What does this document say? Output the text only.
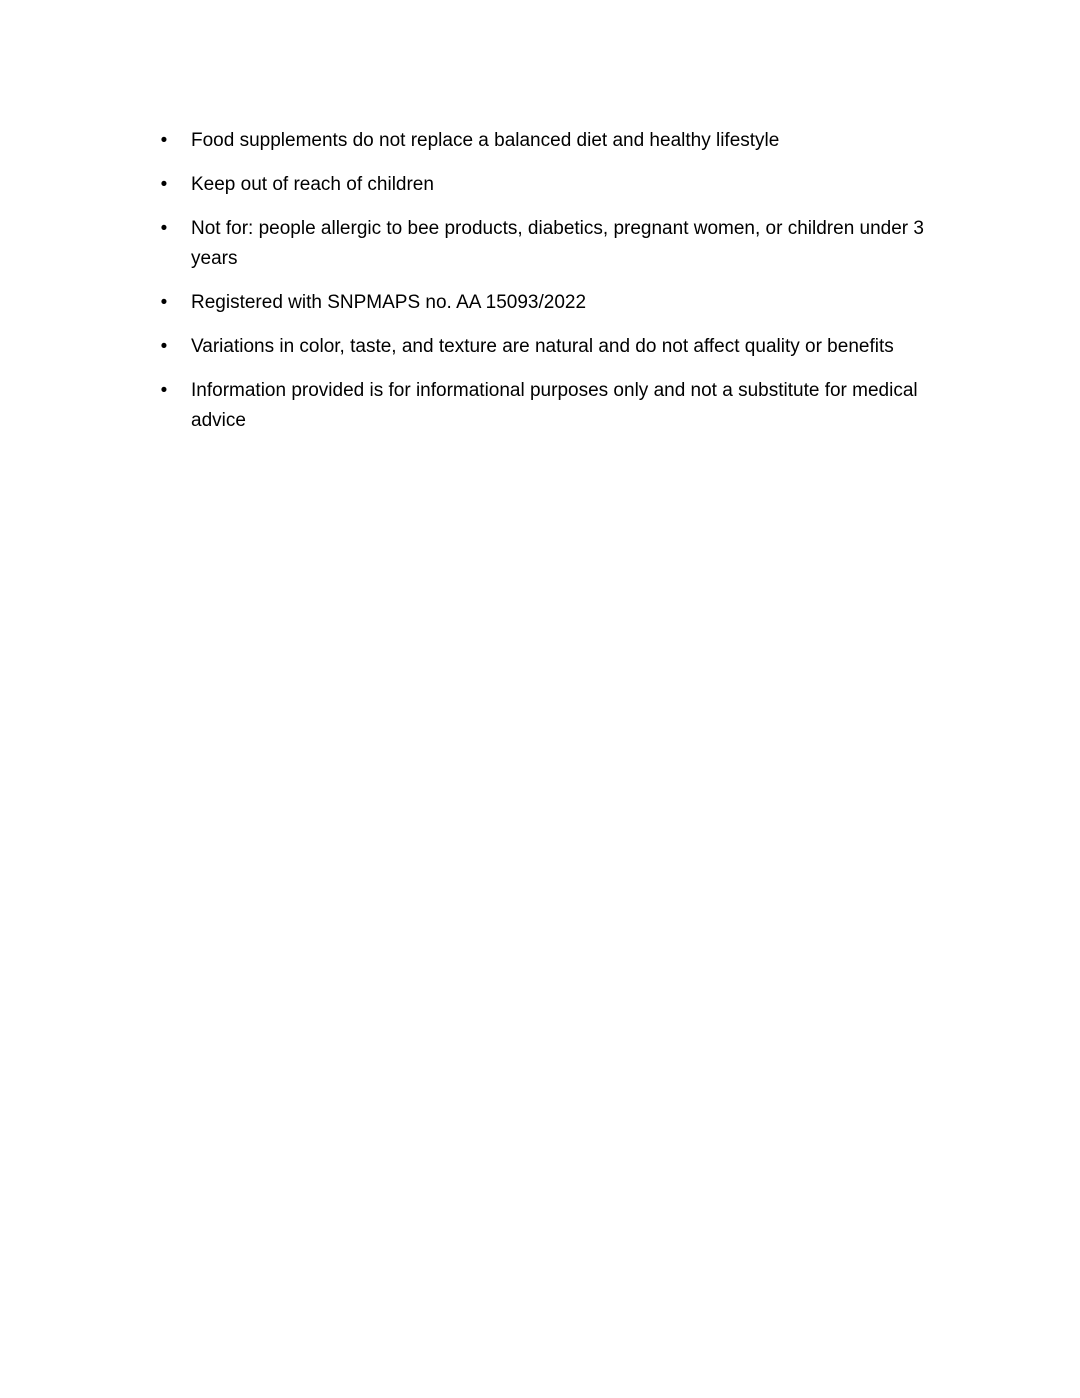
• Food supplements do not replace a balanced diet and healthy lifestyle
• Keep out of reach of children
• Not for: people allergic to bee products, diabetics, pregnant women, or children under 3 years
• Registered with SNPMAPS no. AA 15093/2022
• Variations in color, taste, and texture are natural and do not affect quality or benefits
• Information provided is for informational purposes only and not a substitute for medical advice
